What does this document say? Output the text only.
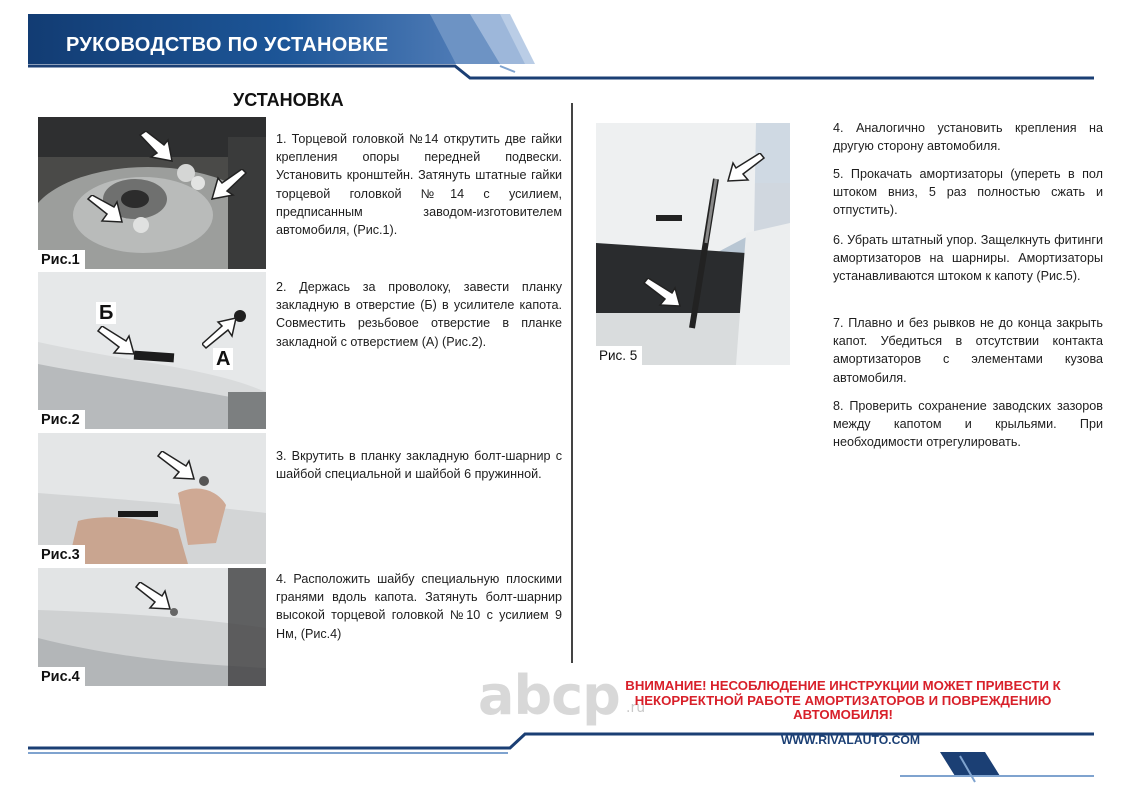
РУКОВОДСТВО ПО УСТАНОВКЕ
УСТАНОВКА
Рис.1
Б
А
Рис.2
Рис.3
Рис.4
1. Торцевой головкой №14 открутить две гайки крепления опоры передней подвески. Установить кронштейн. Затянуть штатные гайки торцевой головкой №14 с усилием, предписанным заводом-изготовителем автомобиля, (Рис.1).
2. Держась за проволоку, завести планку закладную в отверстие (Б) в усилителе капота. Совместить резьбовое отверстие в планке закладной с отверстием (А) (Рис.2).
3. Вкрутить в планку закладную болт-шарнир с шайбой специальной и шайбой 6 пружинной.
4. Расположить шайбу специальную плоскими гранями вдоль капота. Затянуть болт-шарнир высокой торцевой головкой №10 с усилием 9 Нм, (Рис.4)
Рис. 5
4. Аналогично установить крепления на другую сторону автомобиля.
5. Прокачать амортизаторы (упереть в пол штоком вниз, 5 раз полностью сжать и отпустить).
6. Убрать штатный упор. Защелкнуть фитинги амортизаторов на шарниры. Амортизаторы устанавливаются штоком к капоту (Рис.5).
7. Плавно и без рывков не до конца закрыть капот. Убедиться в отсутствии контакта амортизаторов с элементами кузова автомобиля.
8. Проверить сохранение заводских зазоров между капотом и крыльями. При необходимости отрегулировать.
abcp .ru
ВНИМАНИЕ! НЕСОБЛЮДЕНИЕ ИНСТРУКЦИИ МОЖЕТ ПРИВЕСТИ К НЕКОРРЕКТНОЙ РАБОТЕ АМОРТИЗАТОРОВ И ПОВРЕЖДЕНИЮ АВТОМОБИЛЯ!
WWW.RIVALAUTO.COM
